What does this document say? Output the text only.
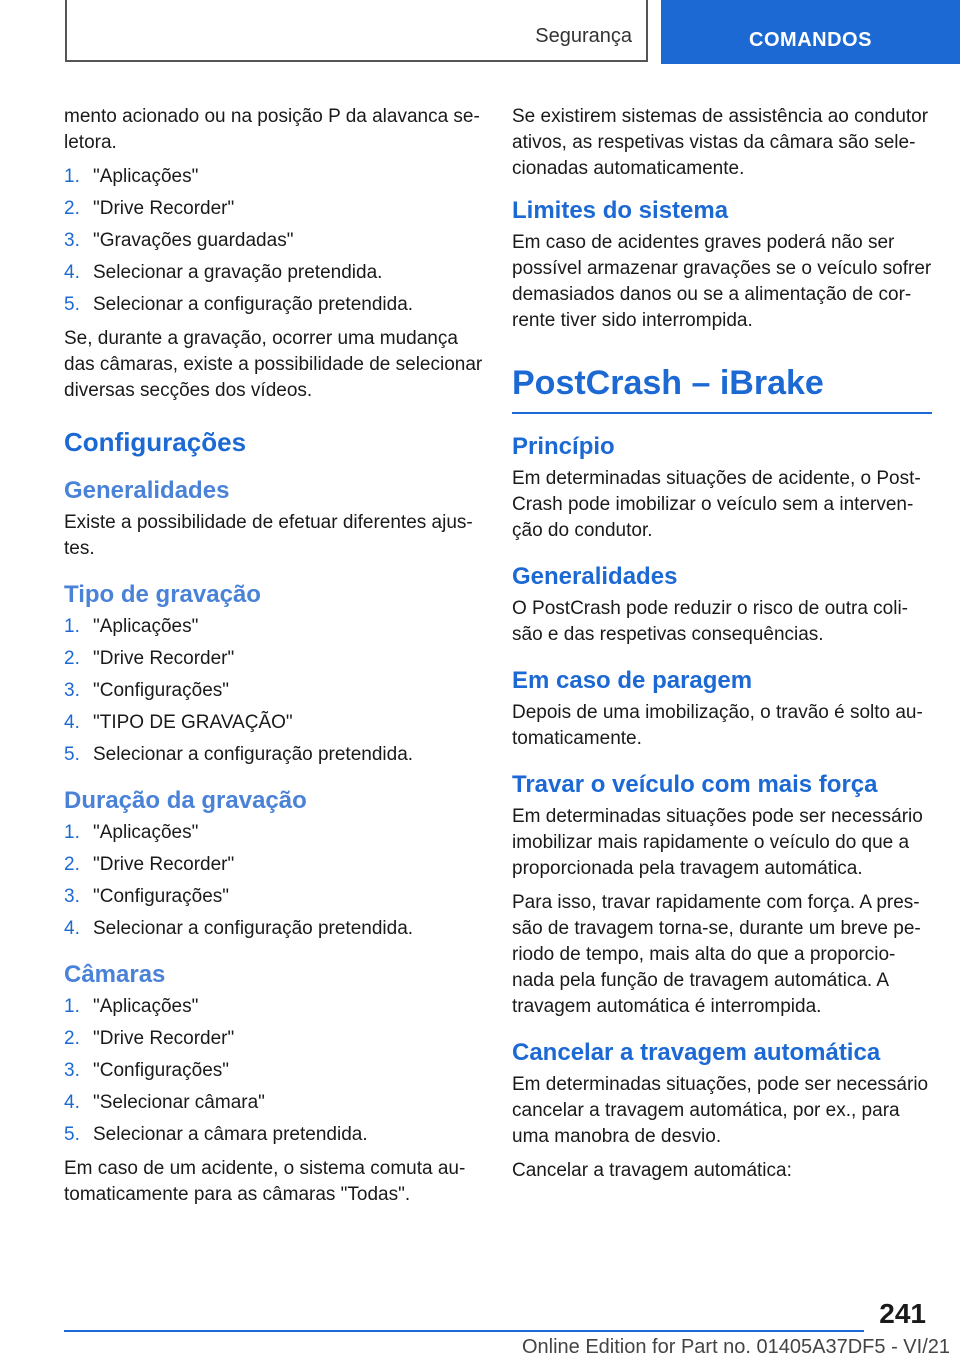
Segurança	COMANDOS

mento acionado ou na posição P da alavanca se-letora.

1. "Aplicações"
2. "Drive Recorder"
3. "Gravações guardadas"
4. Selecionar a gravação pretendida.
5. Selecionar a configuração pretendida.

Se, durante a gravação, ocorrer uma mudança das câmaras, existe a possibilidade de selecionar diversas secções dos vídeos.

Configurações
Generalidades

Existe a possibilidade de efetuar diferentes ajus-tes.

Tipo de gravação
1. "Aplicações"
2. "Drive Recorder"
3. "Configurações"
4. "TIPO DE GRAVAÇÃO"
5. Selecionar a configuração pretendida.
Duração da gravação
1. "Aplicações"
2. "Drive Recorder"
3. "Configurações"
4. Selecionar a configuração pretendida.
Câmaras
1. "Aplicações"
2. "Drive Recorder"
3. "Configurações"
4. "Selecionar câmara"
5. Selecionar a câmara pretendida.

Em caso de um acidente, o sistema comuta au-tomaticamente para as câmaras "Todas".

Se existirem sistemas de assistência ao condutor ativos, as respetivas vistas da câmara são sele-cionadas automaticamente.

Limites do sistema

Em caso de acidentes graves poderá não ser possível armazenar gravações se o veículo sofrer demasiados danos ou se a alimentação de cor-rente tiver sido interrompida.

PostCrash – iBrake
Princípio

Em determinadas situações de acidente, o Post-Crash pode imobilizar o veículo sem a interven-ção do condutor.

Generalidades

O PostCrash pode reduzir o risco de outra coli-são e das respetivas consequências.

Em caso de paragem

Depois de uma imobilização, o travão é solto au-tomaticamente.

Travar o veículo com mais força

Em determinadas situações pode ser necessário imobilizar mais rapidamente o veículo do que a proporcionada pela travagem automática.

Para isso, travar rapidamente com força. A pres-são de travagem torna-se, durante um breve pe-riodo de tempo, mais alta do que a proporcio-nada pela função de travagem automática. A travagem automática é interrompida.

Cancelar a travagem automática

Em determinadas situações, pode ser necessário cancelar a travagem automática, por ex., para uma manobra de desvio.

Cancelar a travagem automática:

241
Online Edition for Part no. 01405A37DF5 - VI/21
